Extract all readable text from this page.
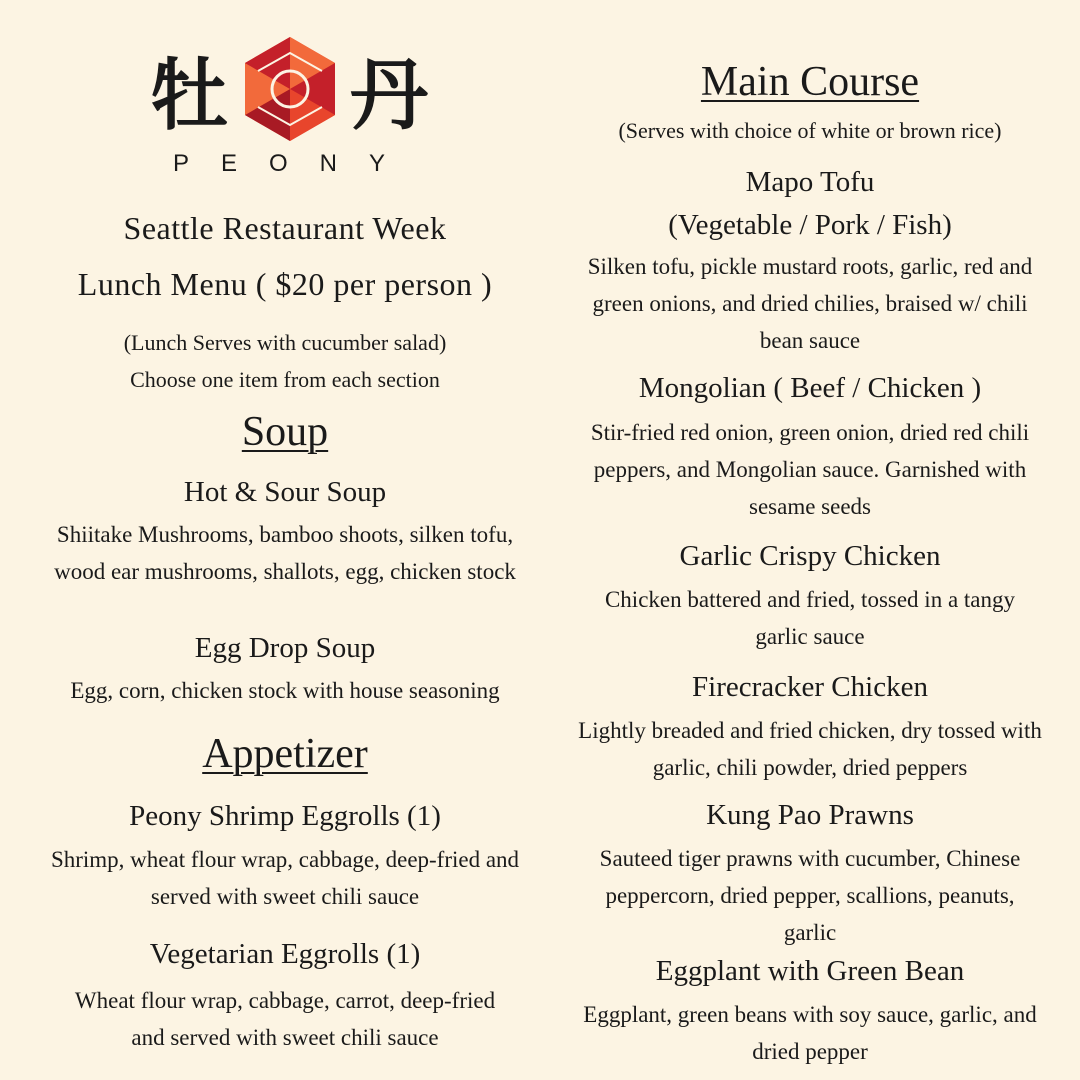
牡 丹
PEONY
Seattle Restaurant Week
Lunch Menu ( $20 per person )
(Lunch Serves with cucumber salad)
Choose one item from each section
Soup
Hot & Sour Soup
Shiitake Mushrooms, bamboo shoots, silken tofu,
wood ear mushrooms, shallots, egg, chicken stock
Egg Drop Soup
Egg, corn, chicken stock with house seasoning
Appetizer
Peony Shrimp Eggrolls (1)
Shrimp, wheat flour wrap, cabbage, deep-fried and
served with sweet chili sauce
Vegetarian Eggrolls (1)
Wheat flour wrap, cabbage, carrot, deep-fried
and served with sweet chili sauce
Main Course
(Serves with choice of white or brown rice)
Mapo Tofu
(Vegetable / Pork / Fish)
Silken tofu, pickle mustard roots, garlic, red and
green onions, and dried chilies, braised w/ chili
bean sauce
Mongolian ( Beef / Chicken )
Stir-fried red onion, green onion, dried red chili
peppers, and Mongolian sauce. Garnished with
sesame seeds
Garlic Crispy Chicken
Chicken battered and fried, tossed in a tangy
garlic sauce
Firecracker Chicken
Lightly breaded and fried chicken, dry tossed with
garlic, chili powder, dried peppers
Kung Pao Prawns
Sauteed tiger prawns with cucumber, Chinese
peppercorn, dried pepper, scallions, peanuts,
garlic
Eggplant with Green Bean
Eggplant, green beans with soy sauce, garlic, and
dried pepper
